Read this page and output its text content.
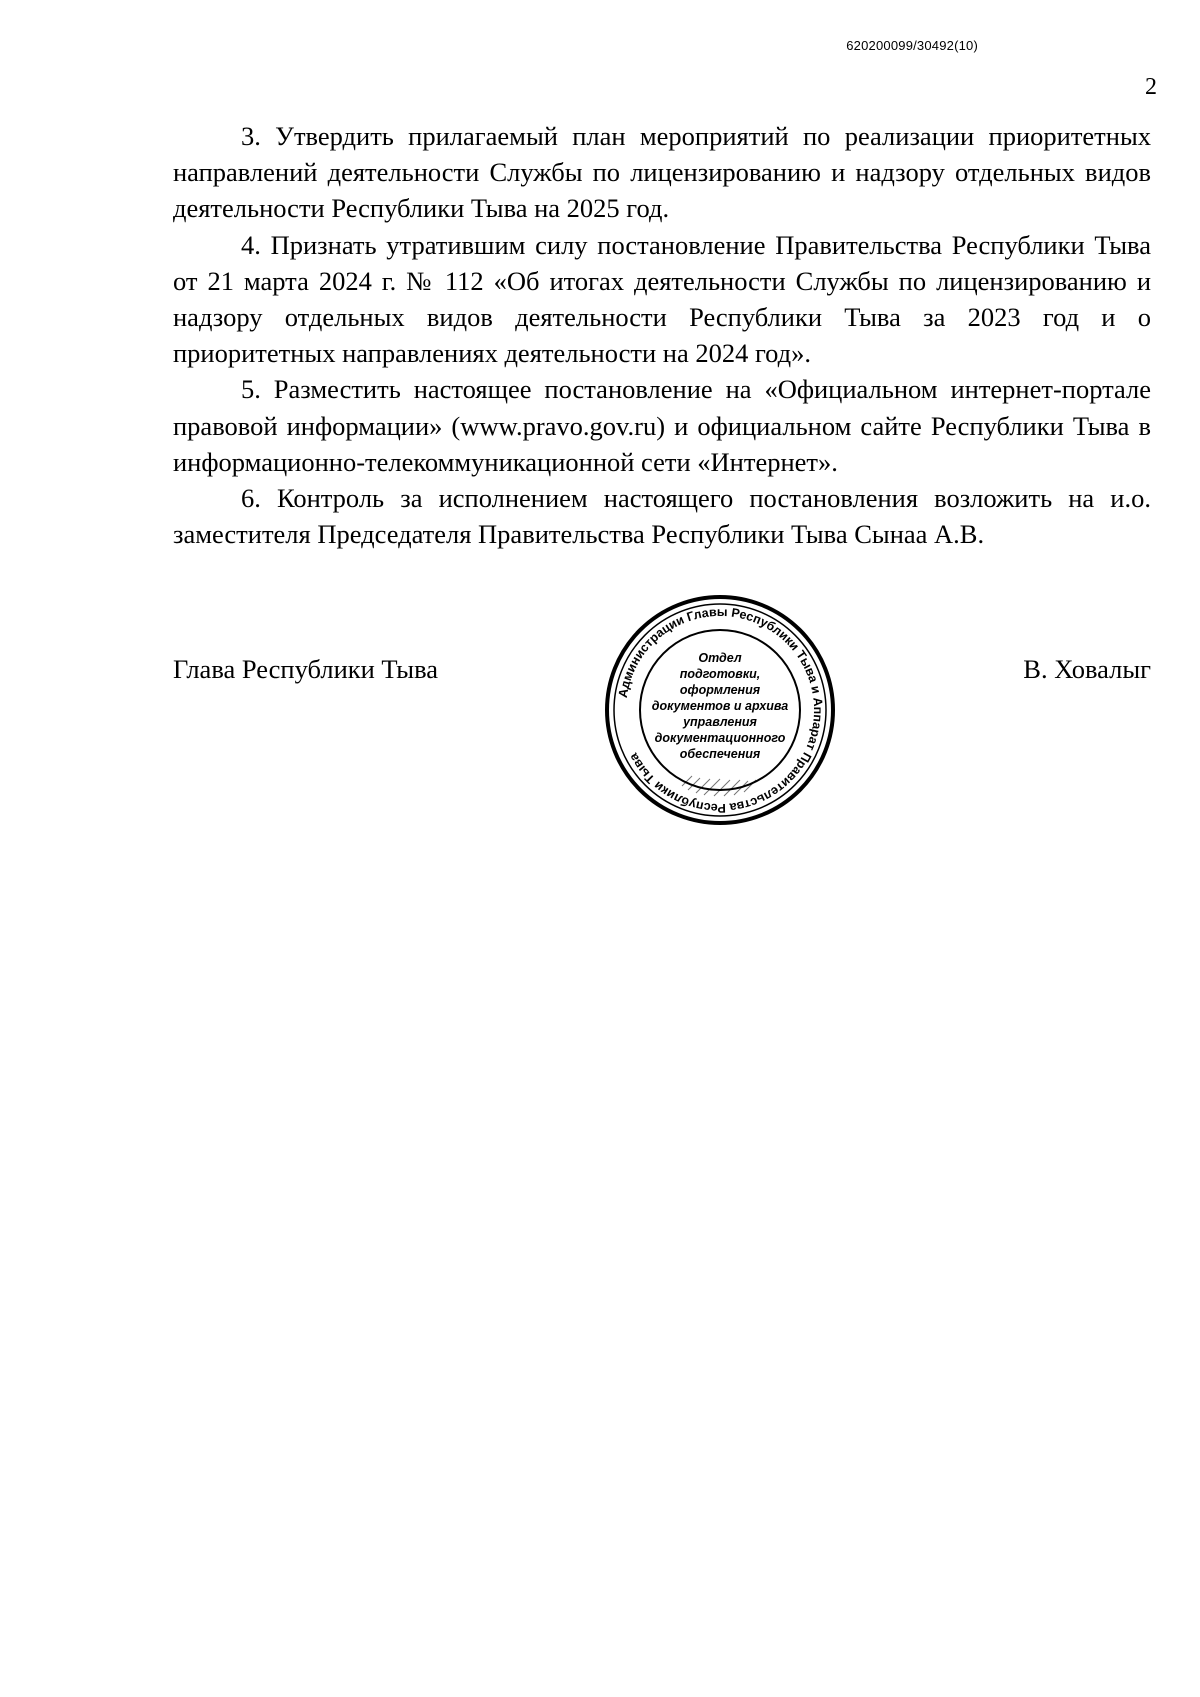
620200099/30492(10)
2

3. Утвердить прилагаемый план мероприятий по реализации приоритетных направлений деятельности Службы по лицензированию и надзору отдельных видов деятельности Республики Тыва на 2025 год.

4. Признать утратившим силу постановление Правительства Республики Тыва от 21 марта 2024 г. № 112 «Об итогах деятельности Службы по лицензированию и надзору отдельных видов деятельности Республики Тыва за 2023 год и о приоритетных направлениях деятельности на 2024 год».

5. Разместить настоящее постановление на «Официальном интернет-портале правовой информации» (www.pravo.gov.ru) и официальном сайте Республики Тыва в информационно-телекоммуникационной сети «Интернет».

6. Контроль за исполнением настоящего постановления возложить на и.о. заместителя Председателя Правительства Республики Тыва Сынаа А.В.

Глава Республики Тыва	В. Ховалыг
Администрации Главы Республики Тыва и Аппарат Правительства Республики Тыва
Отдел
подготовки,
оформления
документов и архива
управления
документационного
обеспечения
